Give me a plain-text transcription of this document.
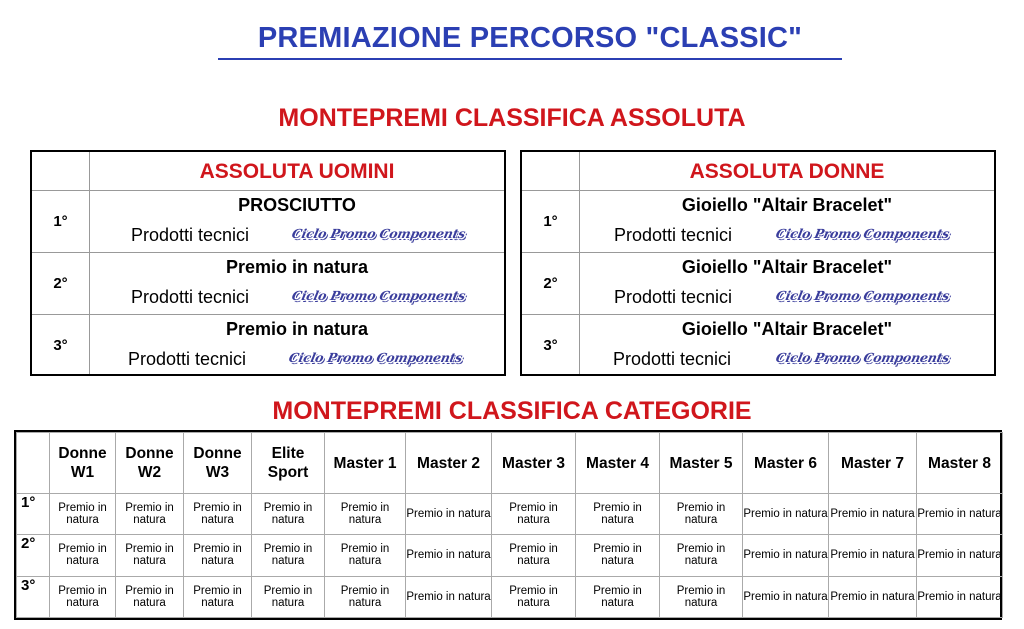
PREMIAZIONE PERCORSO "CLASSIC"
MONTEPREMI CLASSIFICA ASSOLUTA
ASSOLUTA UOMINI
1°
PROSCIUTTO
Prodotti tecnici	Ciclo Promo Components
2°
Premio in natura
Prodotti tecnici	Ciclo Promo Components
3°
Premio in natura
Prodotti tecnici	Ciclo Promo Components
ASSOLUTA DONNE
1°
Gioiello "Altair Bracelet"
Prodotti tecnici	Ciclo Promo Components
2°
Gioiello "Altair Bracelet"
Prodotti tecnici	Ciclo Promo Components
3°
Gioiello "Altair Bracelet"
Prodotti tecnici	Ciclo Promo Components
MONTEPREMI CLASSIFICA CATEGORIE
	Donne W1	Donne W2	Donne W3	Elite Sport	Master 1	Master 2	Master 3	Master 4	Master 5	Master 6	Master 7	Master 8
1°	Premio in natura	Premio in natura	Premio in natura	Premio in natura	Premio in natura	Premio in natura	Premio in natura	Premio in natura	Premio in natura	Premio in natura	Premio in natura	Premio in natura
2°	Premio in natura	Premio in natura	Premio in natura	Premio in natura	Premio in natura	Premio in natura	Premio in natura	Premio in natura	Premio in natura	Premio in natura	Premio in natura	Premio in natura
3°	Premio in natura	Premio in natura	Premio in natura	Premio in natura	Premio in natura	Premio in natura	Premio in natura	Premio in natura	Premio in natura	Premio in natura	Premio in natura	Premio in natura
